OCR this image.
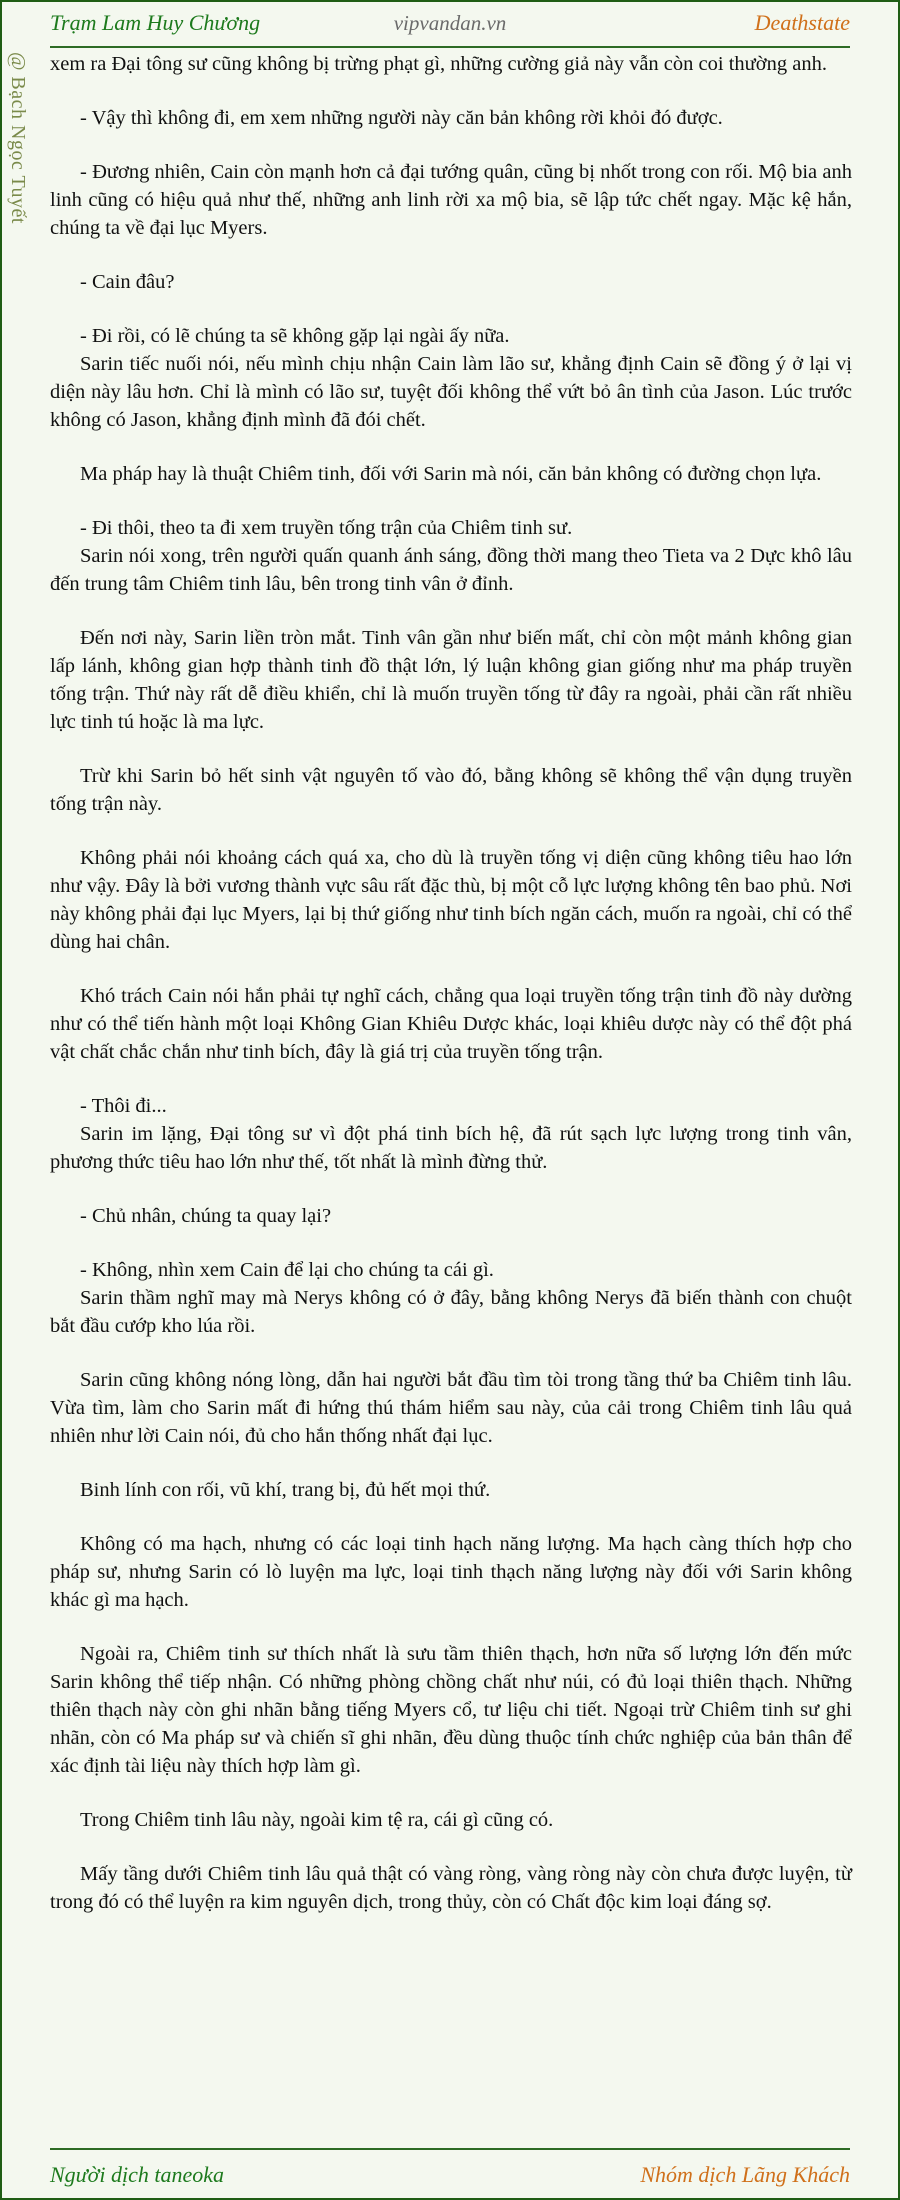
Trạm Lam Huy Chương	vipvandan.vn	Deathstate
@ Bạch Ngọc Tuyết xem ra Đại tông sư cũng không bị trừng phạt gì, những cường giả này vẫn còn coi thường anh.

- Vậy thì không đi, em xem những người này căn bản không rời khỏi đó được.

- Đương nhiên, Cain còn mạnh hơn cả đại tướng quân, cũng bị nhốt trong con rối. Mộ bia anh linh cũng có hiệu quả như thế, những anh linh rời xa mộ bia, sẽ lập tức chết ngay. Mặc kệ hắn, chúng ta về đại lục Myers.

- Cain đâu?

- Đi rồi, có lẽ chúng ta sẽ không gặp lại ngài ấy nữa.

Sarin tiếc nuối nói, nếu mình chịu nhận Cain làm lão sư, khẳng định Cain sẽ đồng ý ở lại vị diện này lâu hơn. Chỉ là mình có lão sư, tuyệt đối không thể vứt bỏ ân tình của Jason. Lúc trước không có Jason, khẳng định mình đã đói chết.

Ma pháp hay là thuật Chiêm tinh, đối với Sarin mà nói, căn bản không có đường chọn lựa.

- Đi thôi, theo ta đi xem truyền tống trận của Chiêm tinh sư.

Sarin nói xong, trên người quấn quanh ánh sáng, đồng thời mang theo Tieta va 2 Dực khô lâu đến trung tâm Chiêm tinh lâu, bên trong tinh vân ở đỉnh.

Đến nơi này, Sarin liền tròn mắt. Tinh vân gần như biến mất, chỉ còn một mảnh không gian lấp lánh, không gian hợp thành tinh đồ thật lớn, lý luận không gian giống như ma pháp truyền tống trận. Thứ này rất dễ điều khiển, chỉ là muốn truyền tống từ đây ra ngoài, phải cần rất nhiều lực tinh tú hoặc là ma lực.

Trừ khi Sarin bỏ hết sinh vật nguyên tố vào đó, bằng không sẽ không thể vận dụng truyền tống trận này.

Không phải nói khoảng cách quá xa, cho dù là truyền tống vị diện cũng không tiêu hao lớn như vậy. Đây là bởi vương thành vực sâu rất đặc thù, bị một cỗ lực lượng không tên bao phủ. Nơi này không phải đại lục Myers, lại bị thứ giống như tinh bích ngăn cách, muốn ra ngoài, chỉ có thể dùng hai chân.

Khó trách Cain nói hắn phải tự nghĩ cách, chẳng qua loại truyền tống trận tinh đồ này dường như có thể tiến hành một loại Không Gian Khiêu Dược khác, loại khiêu dược này có thể đột phá vật chất chắc chắn như tinh bích, đây là giá trị của truyền tống trận.

- Thôi đi...

Sarin im lặng, Đại tông sư vì đột phá tinh bích hệ, đã rút sạch lực lượng trong tinh vân, phương thức tiêu hao lớn như thế, tốt nhất là mình đừng thử.

- Chủ nhân, chúng ta quay lại?

- Không, nhìn xem Cain để lại cho chúng ta cái gì.

Sarin thầm nghĩ may mà Nerys không có ở đây, bằng không Nerys đã biến thành con chuột bắt đầu cướp kho lúa rồi.

Sarin cũng không nóng lòng, dẫn hai người bắt đầu tìm tòi trong tầng thứ ba Chiêm tinh lâu. Vừa tìm, làm cho Sarin mất đi hứng thú thám hiểm sau này, của cải trong Chiêm tinh lâu quả nhiên như lời Cain nói, đủ cho hắn thống nhất đại lục.

Binh lính con rối, vũ khí, trang bị, đủ hết mọi thứ.

Không có ma hạch, nhưng có các loại tinh hạch năng lượng. Ma hạch càng thích hợp cho pháp sư, nhưng Sarin có lò luyện ma lực, loại tinh thạch năng lượng này đối với Sarin không khác gì ma hạch.

Ngoài ra, Chiêm tinh sư thích nhất là sưu tầm thiên thạch, hơn nữa số lượng lớn đến mức Sarin không thể tiếp nhận. Có những phòng chồng chất như núi, có đủ loại thiên thạch. Những thiên thạch này còn ghi nhãn bằng tiếng Myers cổ, tư liệu chi tiết. Ngoại trừ Chiêm tinh sư ghi nhãn, còn có Ma pháp sư và chiến sĩ ghi nhãn, đều dùng thuộc tính chức nghiệp của bản thân để xác định tài liệu này thích hợp làm gì.

Trong Chiêm tinh lâu này, ngoài kim tệ ra, cái gì cũng có.

Mấy tầng dưới Chiêm tinh lâu quả thật có vàng ròng, vàng ròng này còn chưa được luyện, từ trong đó có thể luyện ra kim nguyên dịch, trong thủy, còn có Chất độc kim loại đáng sợ.

Người dịch taneoka	Nhóm dịch Lãng Khách
